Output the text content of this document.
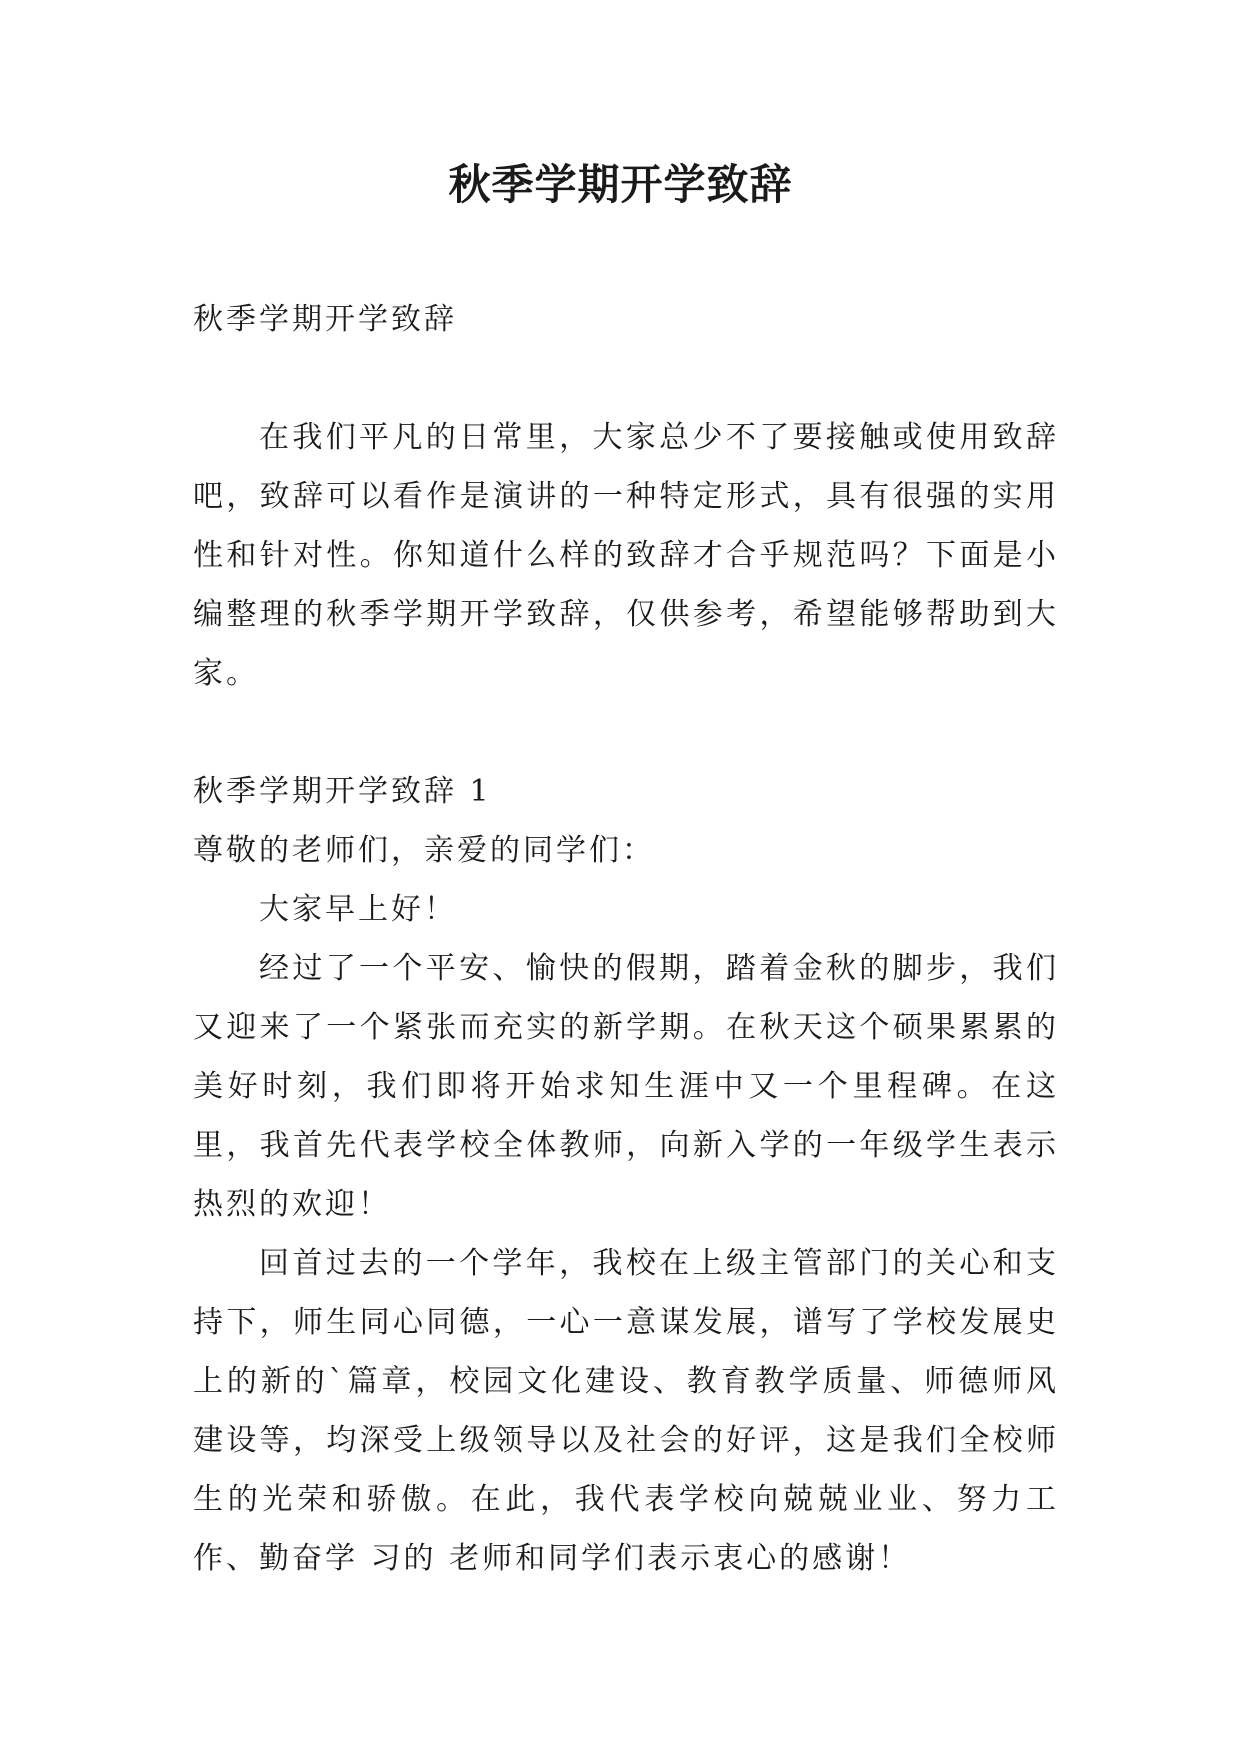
秋季学期开学致辞

秋季学期开学致辞

在我们平凡的日常里，大家总少不了要接触或使用致辞吧，致辞可以看作是演讲的一种特定形式，具有很强的实用性和针对性。你知道什么样的致辞才合乎规范吗？下面是小编整理的秋季学期开学致辞，仅供参考，希望能够帮助到大家。

秋季学期开学致辞 1

尊敬的老师们，亲爱的同学们：

大家早上好！

经过了一个平安、愉快的假期，踏着金秋的脚步，我们又迎来了一个紧张而充实的新学期。在秋天这个硕果累累的美好时刻，我们即将开始求知生涯中又一个里程碑。在这里，我首先代表学校全体教师，向新入学的一年级学生表示热烈的欢迎！

回首过去的一个学年，我校在上级主管部门的关心和支持下，师生同心同德，一心一意谋发展，谱写了学校发展史上的新的`篇章，校园文化建设、教育教学质量、师德师风建设等，均深受上级领导以及社会的好评，这是我们全校师生的光荣和骄傲。在此，我代表学校向兢兢业业、努力工作、勤奋学 习的 老师和同学们表示衷心的感谢！
